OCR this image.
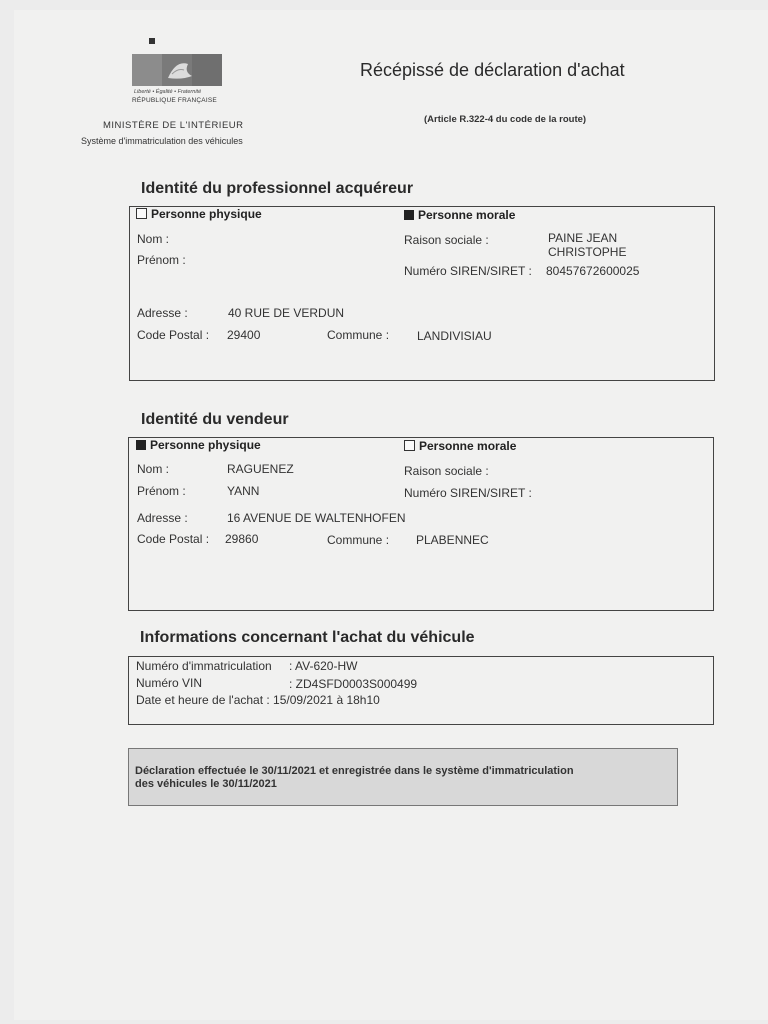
Liberté • Égalité • Fraternité
RÉPUBLIQUE FRANÇAISE
MINISTÈRE DE L'INTÉRIEUR
Système d'immatriculation des véhicules
Récépissé de déclaration d'achat
(Article R.322-4 du code de la route)
Identité du professionnel acquéreur
Personne physique	Personne morale
Nom :
Prénom :
Raison sociale :	PAINE JEAN
CHRISTOPHE
Numéro SIREN/SIRET : 80457672600025
Adresse :	40 RUE DE VERDUN
Code Postal : 29400	Commune : LANDIVISIAU
Identité du vendeur
Personne physique	Personne morale
Nom :	RAGUENEZ
Prénom :	YANN
Raison sociale :
Numéro SIREN/SIRET :
Adresse :	16 AVENUE DE WALTENHOFEN
Code Postal : 29860	Commune : PLABENNEC
Informations concernant l'achat du véhicule
Numéro d'immatriculation : AV-620-HW
Numéro VIN	: ZD4SFD0003S000499
Date et heure de l'achat : 15/09/2021 à 18h10
Déclaration effectuée le 30/11/2021 et enregistrée dans le système d'immatriculation
des véhicules le 30/11/2021
